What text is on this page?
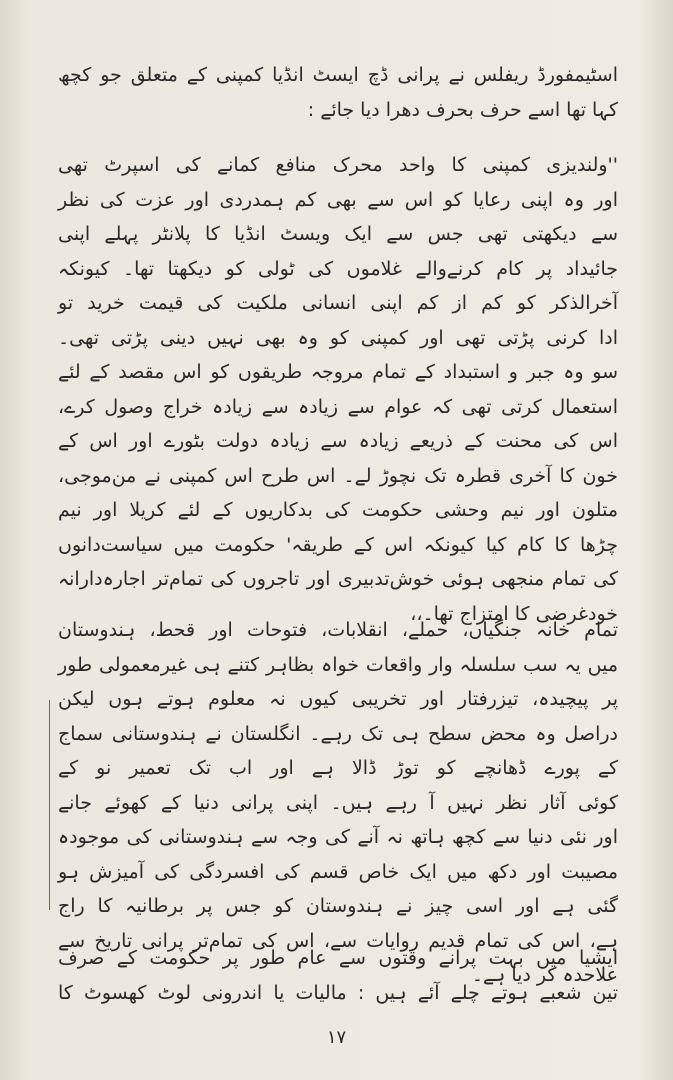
اسٹیمفورڈ ریفلس نے پرانی ڈچ ایسٹ انڈیا کمپنی کے متعلق جو کچھ
کہا تھا اسے حرف بحرف دھرا دیا جائے :
''ولندیزی کمپنی کا واحد محرک منافع کمانے کی اسپرٹ تھی
اور وہ اپنی رعایا کو اس سے بھی کم ہمدردی اور عزت کی نظر
سے دیکھتی تھی جس سے ایک ویسٹ انڈیا کا پلانٹر پہلے اپنی
جائیداد پر کام کرنےوالے غلاموں کی ٹولی کو دیکھتا تھا۔ کیونکہ
آخرالذکر کو کم از کم اپنی انسانی ملکیت کی قیمت خرید تو
ادا کرنی پڑتی تھی اور کمپنی کو وہ بھی نہیں دینی پڑتی تھی۔
سو وہ جبر و استبداد کے تمام مروجہ طریقوں کو اس مقصد کے لئے
استعمال کرتی تھی کہ عوام سے زیادہ سے زیادہ خراج وصول کرے،
اس کی محنت کے ذریعے زیادہ سے زیادہ دولت بٹورے اور اس کے
خون کا آخری قطرہ تک نچوڑ لے۔ اس طرح اس کمپنی نے من‌موجی،
متلون اور نیم وحشی حکومت کی بدکاریوں کے لئے کریلا اور نیم
چڑھا کا کام کیا کیونکہ اس کے طریقہ' حکومت میں سیاست‌دانوں
کی تمام منجھی ہوئی خوش‌تدبیری اور تاجروں کی تمام‌تر اجارہ‌دارانہ
خودغرضی کا امتزاج تھا۔،،
تمام خانہ جنگیاں، حملے، انقلابات، فتوحات اور قحط، ہندوستان
میں یہ سب سلسلہ وار واقعات خواہ بظاہر کتنے ہی غیرمعمولی طور
پر پیچیدہ، تیزرفتار اور تخریبی کیوں نہ معلوم ہوتے ہوں لیکن
دراصل وہ محض سطح ہی تک رہے۔ انگلستان نے ہندوستانی سماج
کے پورے ڈھانچے کو توڑ ڈالا ہے اور اب تک تعمیر نو کے
کوئی آثار نظر نہیں آ رہے ہیں۔ اپنی پرانی دنیا کے کھوئے جانے
اور نئی دنیا سے کچھ ہاتھ نہ آنے کی وجہ سے ہندوستانی کی موجودہ
مصیبت اور دکھ میں ایک خاص قسم کی افسردگی کی آمیزش ہو
گئی ہے اور اسی چیز نے ہندوستان کو جس پر برطانیہ کا راج
ہے، اس کی تمام قدیم روایات سے، اس کی تمام‌تر پرانی تاریخ سے
علاحدہ کر دیا ہے۔
ایشیا میں بہت پرانے وقتوں سے عام طور پر حکومت کے صرف
تین شعبے ہوتے چلے آئے ہیں : مالیات یا اندرونی لوٹ کھسوٹ کا
۱۷
